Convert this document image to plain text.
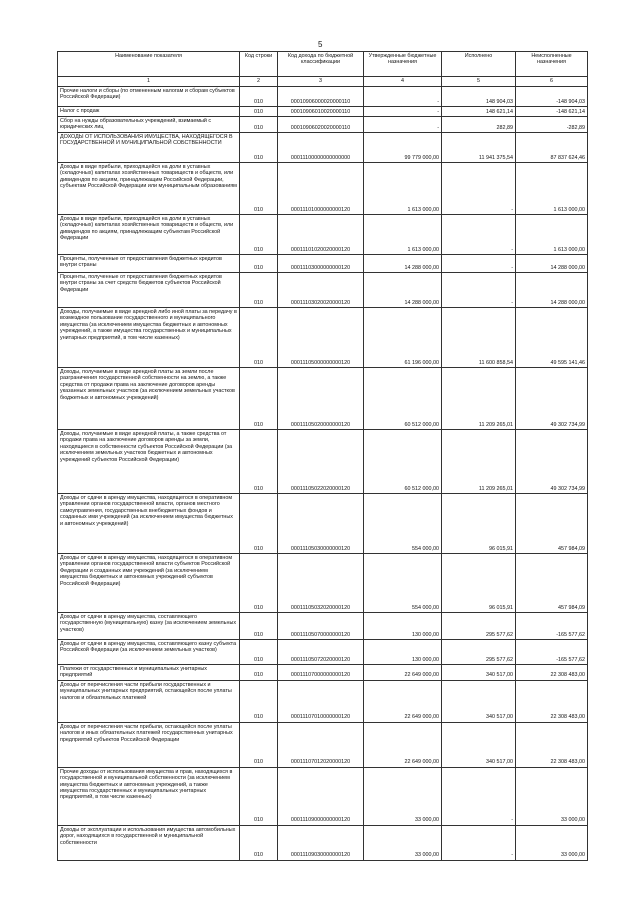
5
Наименование показателя	Код строки	Код дохода по бюджетной классификации	Утвержденные бюджетные назначения	Исполнено	Неисполненные назначения
1	2	3	4	5	6
Прочие налоги и сборы (по отмененным налогам и сборам субъектов Российской Федерации)	010	00010906000020000110	-	148 904,03	-148 904,03
Налог с продаж	010	00010906010020000110	-	148 621,14	-148 621,14
Сбор на нужды образовательных учреждений, взимаемый с юридических лиц	010	00010906020020000110	-	282,89	-282,89
ДОХОДЫ ОТ ИСПОЛЬЗОВАНИЯ ИМУЩЕСТВА, НАХОДЯЩЕГОСЯ В ГОСУДАРСТВЕННОЙ И МУНИЦИПАЛЬНОЙ СОБСТВЕННОСТИ	010	00011100000000000000	99 779 000,00	11 941 375,54	87 837 624,46
Доходы в виде прибыли, приходящейся на доли в уставных (складочных) капиталах хозяйственных товариществ и обществ, или дивидендов по акциям, принадлежащим Российской Федерации, субъектам Российской Федерации или муниципальным образованиям	010	00011101000000000120	1 613 000,00	-	1 613 000,00
Доходы в виде прибыли, приходящейся на доли в уставных (складочных) капиталах хозяйственных товариществ и обществ, или дивидендов по акциям, принадлежащим субъектам Российской Федерации	010	00011101020020000120	1 613 000,00	-	1 613 000,00
Проценты, полученные от предоставления бюджетных кредитов внутри страны	010	00011103000000000120	14 288 000,00	-	14 288 000,00
Проценты, полученные от предоставления бюджетных кредитов внутри страны за счет средств бюджетов субъектов Российской Федерации	010	00011103020020000120	14 288 000,00	-	14 288 000,00
Доходы, получаемые в виде арендной либо иной платы за передачу в возмездное пользование государственного и муниципального имущества (за исключением имущества бюджетных и автономных учреждений, а также имущества государственных и муниципальных унитарных предприятий, в том числе казенных)	010	00011105000000000120	61 196 000,00	11 600 858,54	49 595 141,46
Доходы, получаемые в виде арендной платы за земли после разграничения государственной собственности на землю, а также средства от продажи права на заключение договоров аренды указанных земельных участков (за исключением земельных участков бюджетных и автономных учреждений)	010	00011105020000000120	60 512 000,00	11 209 265,01	49 302 734,99
Доходы, получаемые в виде арендной платы, а также средства от продажи права на заключение договоров аренды за земли, находящиеся в собственности субъектов Российской Федерации (за исключением земельных участков бюджетных и автономных учреждений субъектов Российской Федерации)	010	00011105022020000120	60 512 000,00	11 209 265,01	49 302 734,99
Доходы от сдачи в аренду имущества, находящегося в оперативном управлении органов государственной власти, органов местного самоуправления, государственных внебюджетных фондов и созданных ими учреждений (за исключением имущества бюджетных и автономных учреждений)	010	00011105030000000120	554 000,00	96 015,91	457 984,09
Доходы от сдачи в аренду имущества, находящегося в оперативном управлении органов государственной власти субъектов Российской Федерации и созданных ими учреждений (за исключением имущества бюджетных и автономных учреждений субъектов Российской Федерации)	010	00011105032020000120	554 000,00	96 015,91	457 984,09
Доходы от сдачи в аренду имущества, составляющего государственную (муниципальную) казну (за исключением земельных участков)	010	00011105070000000120	130 000,00	295 577,62	-165 577,62
Доходы от сдачи в аренду имущества, составляющего казну субъекта Российской Федерации (за исключением земельных участков)	010	00011105072020000120	130 000,00	295 577,62	-165 577,62
Платежи от государственных и муниципальных унитарных предприятий	010	00011107000000000120	22 649 000,00	340 517,00	22 308 483,00
Доходы от перечисления части прибыли государственных и муниципальных унитарных предприятий, остающейся после уплаты налогов и обязательных платежей	010	00011107010000000120	22 649 000,00	340 517,00	22 308 483,00
Доходы от перечисления части прибыли, остающейся после уплаты налогов и иных обязательных платежей государственных унитарных предприятий субъектов Российской Федерации	010	00011107012020000120	22 649 000,00	340 517,00	22 308 483,00
Прочие доходы от использования имущества и прав, находящихся в государственной и муниципальной собственности (за исключением имущества бюджетных и автономных учреждений, а также имущества государственных и муниципальных унитарных предприятий, в том числе казенных)	010	00011109000000000120	33 000,00	-	33 000,00
Доходы от эксплуатации и использования имущества автомобильных дорог, находящихся в государственной и муниципальной собственности	010	00011109030000000120	33 000,00	-	33 000,00
